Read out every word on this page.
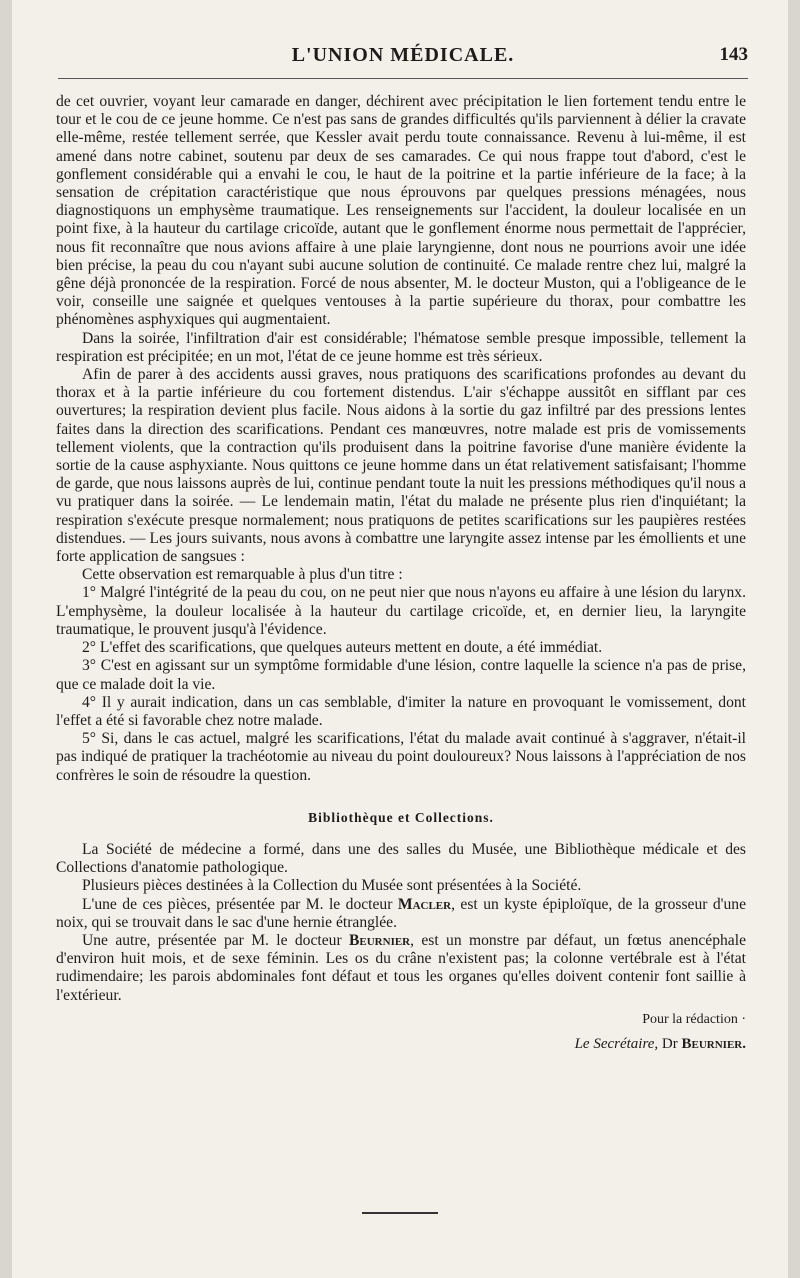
L'UNION MÉDICALE.	143

de cet ouvrier, voyant leur camarade en danger, déchirent avec précipitation le lien fortement tendu entre le tour et le cou de ce jeune homme. Ce n'est pas sans de grandes difficultés qu'ils parviennent à délier la cravate elle-même, restée tellement serrée, que Kessler avait perdu toute connaissance. Revenu à lui-même, il est amené dans notre cabinet, soutenu par deux de ses camarades. Ce qui nous frappe tout d'abord, c'est le gonflement considérable qui a envahi le cou, le haut de la poitrine et la partie inférieure de la face; à la sensation de crépitation caractéristique que nous éprouvons par quelques pressions ménagées, nous diagnostiquons un emphysème traumatique. Les renseignements sur l'accident, la douleur localisée en un point fixe, à la hauteur du cartilage cricoïde, autant que le gonflement énorme nous permettait de l'apprécier, nous fit reconnaître que nous avions affaire à une plaie laryngienne, dont nous ne pourrions avoir une idée bien précise, la peau du cou n'ayant subi aucune solution de continuité. Ce malade rentre chez lui, malgré la gêne déjà prononcée de la respiration. Forcé de nous absenter, M. le docteur Muston, qui a l'obligeance de le voir, conseille une saignée et quelques ventouses à la partie supérieure du thorax, pour combattre les phénomènes asphyxiques qui augmentaient.

Dans la soirée, l'infiltration d'air est considérable; l'hématose semble presque impossible, tellement la respiration est précipitée; en un mot, l'état de ce jeune homme est très sérieux.

Afin de parer à des accidents aussi graves, nous pratiquons des scarifications profondes au devant du thorax et à la partie inférieure du cou fortement distendus. L'air s'échappe aussitôt en sifflant par ces ouvertures; la respiration devient plus facile. Nous aidons à la sortie du gaz infiltré par des pressions lentes faites dans la direction des scarifications. Pendant ces manœuvres, notre malade est pris de vomissements tellement violents, que la contraction qu'ils produisent dans la poitrine favorise d'une manière évidente la sortie de la cause asphyxiante. Nous quittons ce jeune homme dans un état relativement satisfaisant; l'homme de garde, que nous laissons auprès de lui, continue pendant toute la nuit les pressions méthodiques qu'il nous a vu pratiquer dans la soirée. — Le lendemain matin, l'état du malade ne présente plus rien d'inquiétant; la respiration s'exécute presque normalement; nous pratiquons de petites scarifications sur les paupières restées distendues. — Les jours suivants, nous avons à combattre une laryngite assez intense par les émollients et une forte application de sangsues :

Cette observation est remarquable à plus d'un titre :

1° Malgré l'intégrité de la peau du cou, on ne peut nier que nous n'ayons eu affaire à une lésion du larynx. L'emphysème, la douleur localisée à la hauteur du cartilage cricoïde, et, en dernier lieu, la laryngite traumatique, le prouvent jusqu'à l'évidence.

2° L'effet des scarifications, que quelques auteurs mettent en doute, a été immédiat.

3° C'est en agissant sur un symptôme formidable d'une lésion, contre laquelle la science n'a pas de prise, que ce malade doit la vie.

4° Il y aurait indication, dans un cas semblable, d'imiter la nature en provoquant le vomissement, dont l'effet a été si favorable chez notre malade.

5° Si, dans le cas actuel, malgré les scarifications, l'état du malade avait continué à s'aggraver, n'était-il pas indiqué de pratiquer la trachéotomie au niveau du point douloureux? Nous laissons à l'appréciation de nos confrères le soin de résoudre la question.

Bibliothèque et Collections.

La Société de médecine a formé, dans une des salles du Musée, une Bibliothèque médicale et des Collections d'anatomie pathologique.

Plusieurs pièces destinées à la Collection du Musée sont présentées à la Société.

L'une de ces pièces, présentée par M. le docteur Macler, est un kyste épiploïque, de la grosseur d'une noix, qui se trouvait dans le sac d'une hernie étranglée.

Une autre, présentée par M. le docteur Beurnier, est un monstre par défaut, un fœtus anencéphale d'environ huit mois, et de sexe féminin. Les os du crâne n'existent pas; la colonne vertébrale est à l'état rudimendaire; les parois abdominales font défaut et tous les organes qu'elles doivent contenir font saillie à l'extérieur.

Pour la rédaction ·
Le Secrétaire, Dr Beurnier.
